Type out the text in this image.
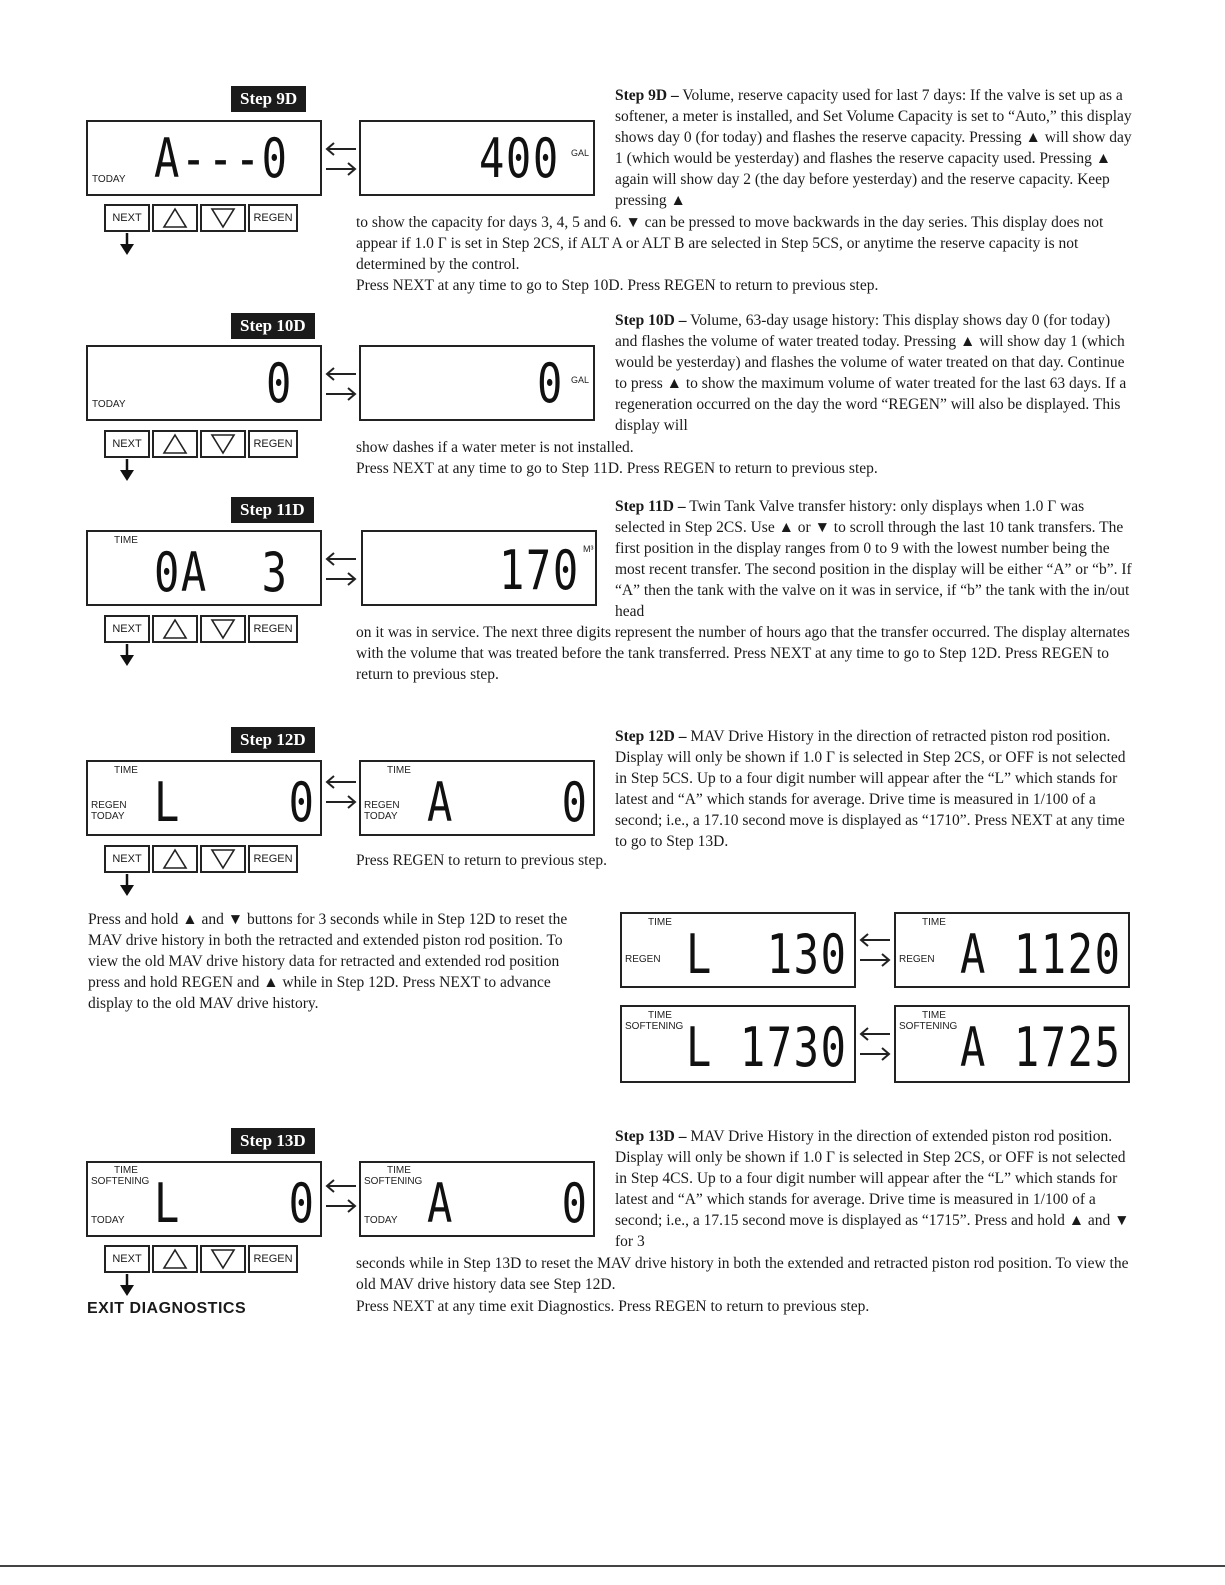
Step 9D
TODAY A---0	400 GAL
NEXT	REGEN

Step 9D – Volume, reserve capacity used for last 7 days: If the valve is set up as a softener, a meter is installed, and Set Volume Capacity is set to “Auto,” this display shows day 0 (for today) and flashes the reserve capacity. Pressing ▲ will show day 1 (which would be yesterday) and flashes the reserve capacity used. Pressing ▲ again will show day 2 (the day before yesterday) and the reserve capacity. Keep pressing ▲

to show the capacity for days 3, 4, 5 and 6. ▼ can be pressed to move backwards in the day series. This display does not appear if 1.0 Γ is set in Step 2CS, if ALT A or ALT B are selected in Step 5CS, or anytime the reserve capacity is not determined by the control.

Press NEXT at any time to go to Step 10D. Press REGEN to return to previous step.

Step 10D
TODAY	0	0 GAL
NEXT	REGEN

Step 10D – Volume, 63-day usage history: This display shows day 0 (for today) and flashes the volume of water treated today. Pressing ▲ will show day 1 (which would be yesterday) and flashes the volume of water treated on that day. Continue to press ▲ to show the maximum volume of water treated for the last 63 days. If a regeneration occurred on the day the word “REGEN” will also be displayed. This display will

show dashes if a water meter is not installed.

Press NEXT at any time to go to Step 11D. Press REGEN to return to previous step.

Step 11D
TIME
0A  3	170 M³
NEXT	REGEN

Step 11D – Twin Tank Valve transfer history: only displays when 1.0 Γ was selected in Step 2CS. Use ▲ or ▼ to scroll through the last 10 tank transfers. The first position in the display ranges from 0 to 9 with the lowest number being the most recent transfer. The second position in the display will be either “A” or “b”. If “A” then the tank with the valve on it was in service, if “b” the tank with the in/out head

on it was in service. The next three digits represent the number of hours ago that the transfer occurred. The display alternates with the volume that was treated before the tank transferred. Press NEXT at any time to go to Step 12D. Press REGEN to return to previous step.

Step 12D
TIME
REGEN
TODAY L    0
TIME
REGEN
TODAY A    0
NEXT	REGEN

Step 12D – MAV Drive History in the direction of retracted piston rod position. Display will only be shown if 1.0 Γ is selected in Step 2CS, or OFF is not selected in Step 5CS. Up to a four digit number will appear after the “L” which stands for latest and “A” which stands for average. Drive time is measured in 1/100 of a second; i.e., a 17.10 second move is displayed as “1710”. Press NEXT at any time to go to Step 13D.

Press REGEN to return to previous step.

Press and hold ▲ and ▼ buttons for 3 seconds while in Step 12D to reset the MAV drive history in both the retracted and extended piston rod position. To view the old MAV drive history data for retracted and extended rod position press and hold REGEN and ▲ while in Step 12D. Press NEXT to advance display to the old MAV drive history.

TIME
REGEN L  130
TIME
REGEN A 1120
TIME
SOFTENING L 1730
TIME
SOFTENING A 1725
Step 13D
TIME
SOFTENING
TODAY L    0
TIME
SOFTENING
TODAY A    0
NEXT	REGEN
EXIT DIAGNOSTICS

Step 13D – MAV Drive History in the direction of extended piston rod position. Display will only be shown if 1.0 Γ is selected in Step 2CS, or OFF is not selected in Step 4CS. Up to a four digit number will appear after the “L” which stands for latest and “A” which stands for average. Drive time is measured in 1/100 of a second; i.e., a 17.15 second move is displayed as “1715”. Press and hold ▲ and ▼ for 3

seconds while in Step 13D to reset the MAV drive history in both the extended and retracted piston rod position. To view the old MAV drive history data see Step 12D.

Press NEXT at any time exit Diagnostics. Press REGEN to return to previous step.
